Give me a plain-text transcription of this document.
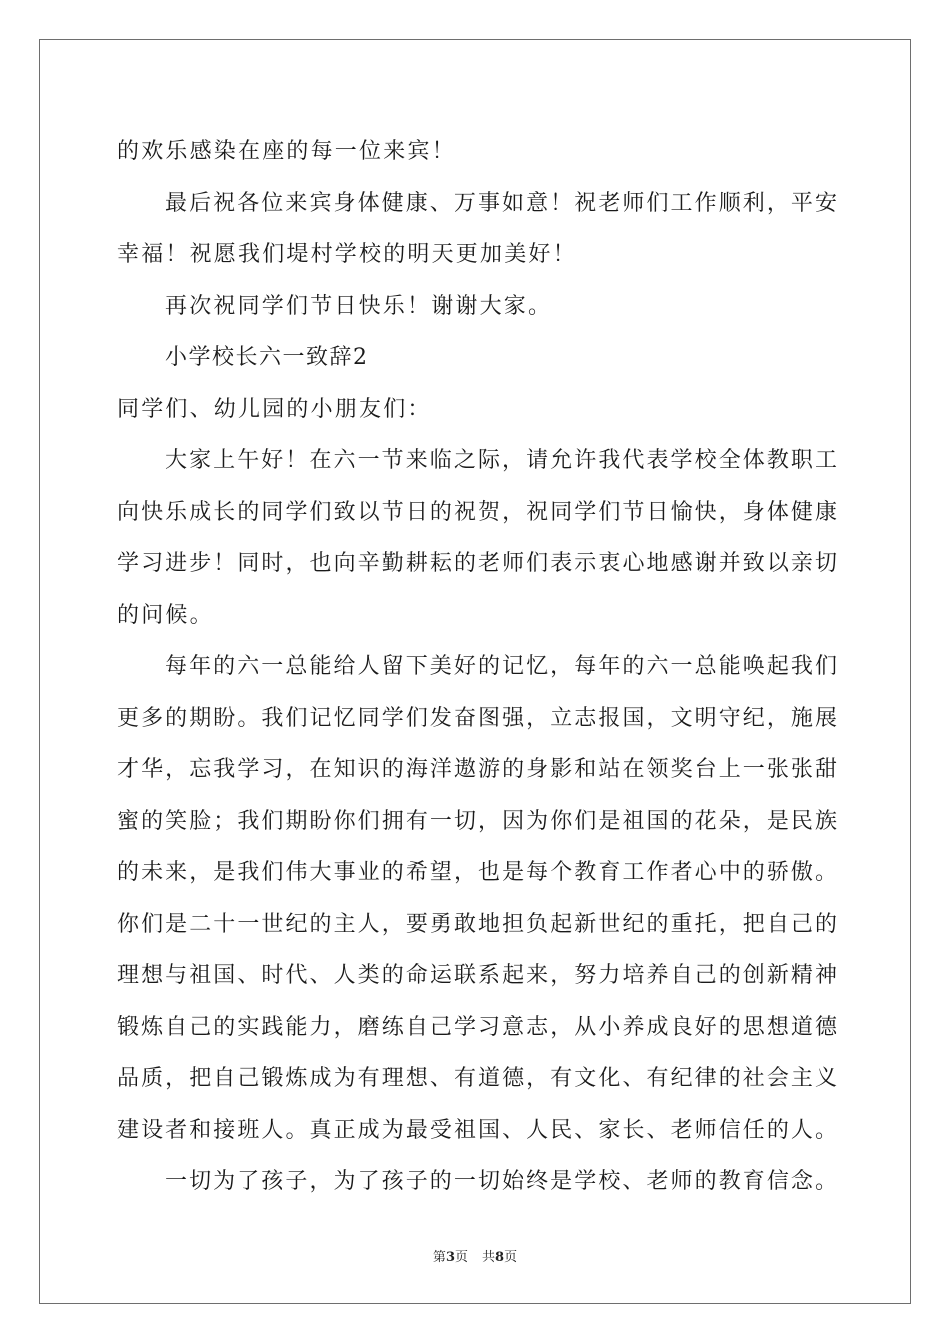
的欢乐感染在座的每一位来宾！
最后祝各位来宾身体健康、万事如意！祝老师们工作顺利，平安
幸福！祝愿我们堤村学校的明天更加美好！
再次祝同学们节日快乐！谢谢大家。
小学校长六一致辞2
同学们、幼儿园的小朋友们：
大家上午好！在六一节来临之际，请允许我代表学校全体教职工
向快乐成长的同学们致以节日的祝贺，祝同学们节日愉快，身体健康
学习进步！同时，也向辛勤耕耘的老师们表示衷心地感谢并致以亲切
的问候。
每年的六一总能给人留下美好的记忆，每年的六一总能唤起我们
更多的期盼。我们记忆同学们发奋图强，立志报国，文明守纪，施展
才华，忘我学习，在知识的海洋遨游的身影和站在领奖台上一张张甜
蜜的笑脸；我们期盼你们拥有一切，因为你们是祖国的花朵，是民族
的未来，是我们伟大事业的希望，也是每个教育工作者心中的骄傲。
你们是二十一世纪的主人，要勇敢地担负起新世纪的重托，把自己的
理想与祖国、时代、人类的命运联系起来，努力培养自己的创新精神
锻炼自己的实践能力，磨练自己学习意志，从小养成良好的思想道德
品质，把自己锻炼成为有理想、有道德，有文化、有纪律的社会主义
建设者和接班人。真正成为最受祖国、人民、家长、老师信任的人。
一切为了孩子，为了孩子的一切始终是学校、老师的教育信念。
第3页 共8页
